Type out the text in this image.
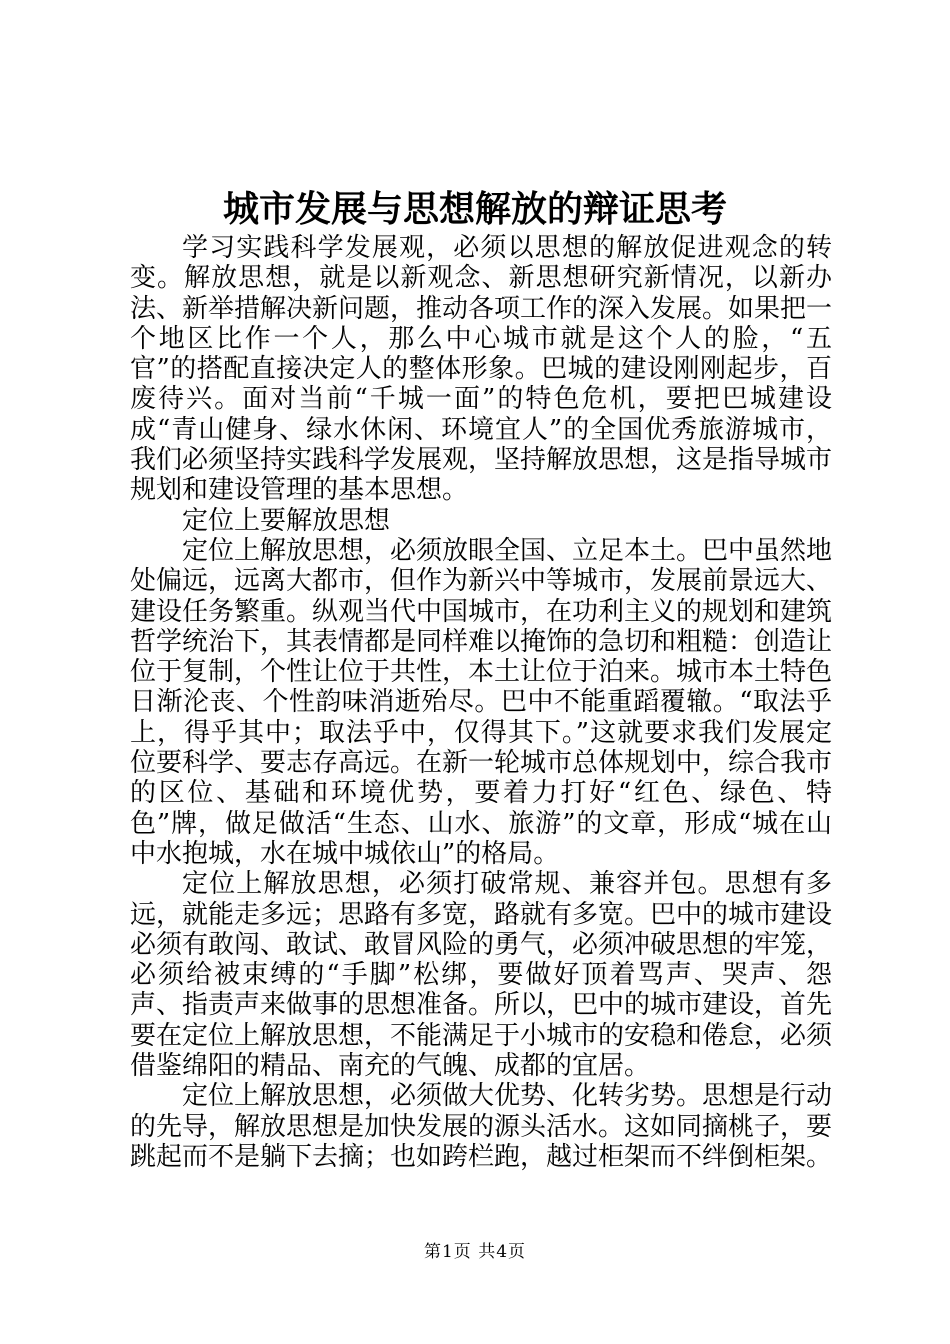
城市发展与思想解放的辩证思考

学习实践科学发展观，必须以思想的解放促进观念的转变。解放思想，就是以新观念、新思想研究新情况，以新办法、新举措解决新问题，推动各项工作的深入发展。如果把一个地区比作一个人，那么中心城市就是这个人的脸，“五官”的搭配直接决定人的整体形象。巴城的建设刚刚起步，百废待兴。面对当前“千城一面”的特色危机，要把巴城建设成“青山健身、绿水休闲、环境宜人”的全国优秀旅游城市，我们必须坚持实践科学发展观，坚持解放思想，这是指导城市规划和建设管理的基本思想。

定位上要解放思想

定位上解放思想，必须放眼全国、立足本土。巴中虽然地处偏远，远离大都市，但作为新兴中等城市，发展前景远大、建设任务繁重。纵观当代中国城市，在功利主义的规划和建筑哲学统治下，其表情都是同样难以掩饰的急切和粗糙：创造让位于复制，个性让位于共性，本土让位于泊来。城市本土特色日渐沦丧、个性韵味消逝殆尽。巴中不能重蹈覆辙。“取法乎上，得乎其中；取法乎中，仅得其下。”这就要求我们发展定位要科学、要志存高远。在新一轮城市总体规划中，综合我市的区位、基础和环境优势，要着力打好“红色、绿色、特色”牌，做足做活“生态、山水、旅游”的文章，形成“城在山中水抱城，水在城中城依山”的格局。

定位上解放思想，必须打破常规、兼容并包。思想有多远，就能走多远；思路有多宽，路就有多宽。巴中的城市建设必须有敢闯、敢试、敢冒风险的勇气，必须冲破思想的牢笼，必须给被束缚的“手脚”松绑，要做好顶着骂声、哭声、怨声、指责声来做事的思想准备。所以，巴中的城市建设，首先要在定位上解放思想，不能满足于小城市的安稳和倦怠，必须借鉴绵阳的精品、南充的气魄、成都的宜居。

定位上解放思想，必须做大优势、化转劣势。思想是行动的先导，解放思想是加快发展的源头活水。这如同摘桃子，要跳起而不是躺下去摘；也如跨栏跑，越过柜架而不绊倒柜架。

第1页 共4页
